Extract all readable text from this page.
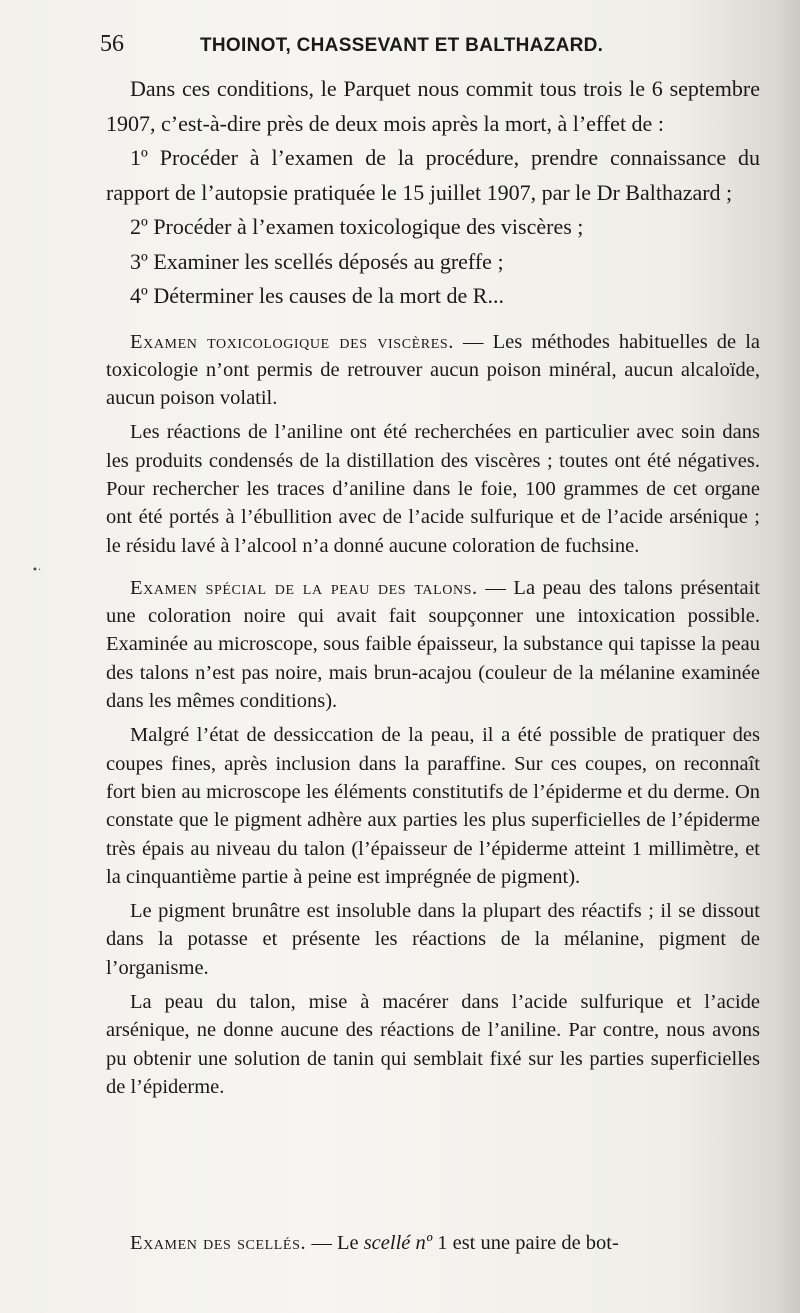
56	THOINOT, CHASSEVANT ET BALTHAZARD.
•·

Dans ces conditions, le Parquet nous commit tous trois le 6 septembre 1907, c’est-à-dire près de deux mois après la mort, à l’effet de :

1º Procéder à l’examen de la procédure, prendre connaissance du rapport de l’autopsie pratiquée le 15 juillet 1907, par le Dr Balthazard ;
2º Procéder à l’examen toxicologique des viscères ;
3º Examiner les scellés déposés au greffe ;
4º Déterminer les causes de la mort de R...

Examen toxicologique des viscères. — Les méthodes habituelles de la toxicologie n’ont permis de retrouver aucun poison minéral, aucun alcaloïde, aucun poison volatil.

Les réactions de l’aniline ont été recherchées en particulier avec soin dans les produits condensés de la distillation des viscères ; toutes ont été négatives. Pour rechercher les traces d’aniline dans le foie, 100 grammes de cet organe ont été portés à l’ébullition avec de l’acide sulfurique et de l’acide arsénique ; le résidu lavé à l’alcool n’a donné aucune coloration de fuchsine.

Examen spécial de la peau des talons. — La peau des talons présentait une coloration noire qui avait fait soupçonner une intoxication possible. Examinée au microscope, sous faible épaisseur, la substance qui tapisse la peau des talons n’est pas noire, mais brun-acajou (couleur de la mélanine examinée dans les mêmes conditions).

Malgré l’état de dessiccation de la peau, il a été possible de pratiquer des coupes fines, après inclusion dans la paraffine. Sur ces coupes, on reconnaît fort bien au microscope les éléments constitutifs de l’épiderme et du derme. On constate que le pigment adhère aux parties les plus superficielles de l’épiderme très épais au niveau du talon (l’épaisseur de l’épiderme atteint 1 millimètre, et la cinquantième partie à peine est imprégnée de pigment).

Le pigment brunâtre est insoluble dans la plupart des réactifs ; il se dissout dans la potasse et présente les réactions de la mélanine, pigment de l’organisme.

La peau du talon, mise à macérer dans l’acide sulfurique et l’acide arsénique, ne donne aucune des réactions de l’aniline. Par contre, nous avons pu obtenir une solution de tanin qui semblait fixé sur les parties superficielles de l’épiderme.

Examen des scellés. — Le scellé nº 1 est une paire de bot-
